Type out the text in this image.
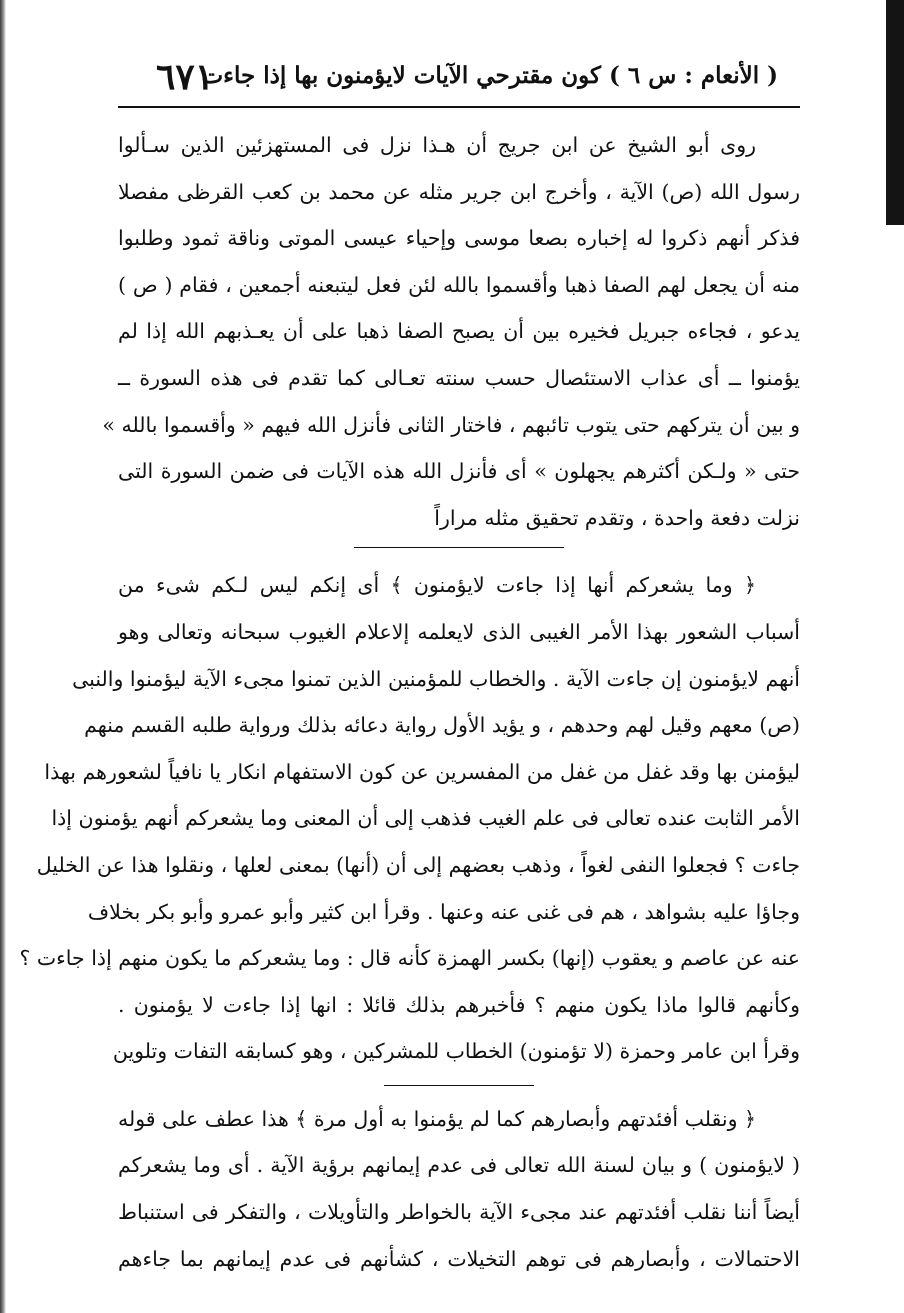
٦٧١
( الأنعام : س ٦ ) كون مقترحي الآيات لايؤمنون بها إذا جاءت
روى أبو الشيخ عن ابن جريج أن هـذا نزل فى المستهزئين الذين سـألوا
رسول الله (ص) الآية ، وأخرج ابن جرير مثله عن محمد بن كعب القرظى مفصلا
فذكر أنهم ذكروا له إخباره بصعا موسى وإحياء عيسى الموتى وناقة ثمود وطلبوا
منه أن يجعل لهم الصفا ذهبا وأقسموا بالله لئن فعل ليتبعنه أجمعين ، فقام ( ص )
يدعو ، فجاءه جبريل فخيره بين أن يصبح الصفا ذهبا على أن يعـذبهم الله إذا لم
يؤمنوا ــ أى عذاب الاستئصال حسب سنته تعـالى كما تقدم فى هذه السورة ــ
و بين أن يتركهم حتى يتوب تائبهم ، فاختار الثانى فأنزل الله فيهم « وأقسموا بالله »
حتى « ولـكن أكثرهم يجهلون » أى فأنزل الله هذه الآيات فى ضمن السورة التى
نزلت دفعة واحدة ، وتقدم تحقيق مثله مراراً
﴿ وما يشعركم أنها إذا جاءت لايؤمنون ﴾ أى إنكم ليس لـكم شىء من
أسباب الشعور بهذا الأمر الغيبى الذى لايعلمه إلاعلام الغيوب سبحانه وتعالى وهو
أنهم لايؤمنون إن جاءت الآية . والخطاب للمؤمنين الذين تمنوا مجىء الآية ليؤمنوا والنبى
(ص) معهم وقيل لهم وحدهم ، و يؤيد الأول رواية دعائه بذلك ورواية طلبه القسم منهم
ليؤمنن بها وقد غفل من غفل من المفسرين عن كون الاستفهام انكار يا نافياً لشعورهم بهذا
الأمر الثابت عنده تعالى فى علم الغيب فذهب إلى أن المعنى وما يشعركم أنهم يؤمنون إذا
جاءت ؟ فجعلوا النفى لغواً ، وذهب بعضهم إلى أن (أنها) بمعنى لعلها ، ونقلوا هذا عن الخليل
وجاؤا عليه بشواهد ، هم فى غنى عنه وعنها . وقرأ ابن كثير وأبو عمرو وأبو بكر بخلاف
عنه عن عاصم و يعقوب (إنها) بكسر الهمزة كأنه قال : وما يشعركم ما يكون منهم إذا جاءت ؟
وكأنهم قالوا ماذا يكون منهم ؟ فأخبرهم بذلك قائلا : انها إذا جاءت لا يؤمنون .
وقرأ ابن عامر وحمزة (لا تؤمنون) الخطاب للمشركين ، وهو كسابقه التفات وتلوين
﴿ ونقلب أفئدتهم وأبصارهم كما لم يؤمنوا به أول مرة ﴾ هذا عطف على قوله
( لايؤمنون ) و بيان لسنة الله تعالى فى عدم إيمانهم برؤية الآية . أى وما يشعركم
أيضاً أننا نقلب أفئدتهم عند مجىء الآية بالخواطر والتأويلات ، والتفكر فى استنباط
الاحتمالات ، وأبصارهم فى توهم التخيلات ، كشأنهم فى عدم إيمانهم بما جاءهم
